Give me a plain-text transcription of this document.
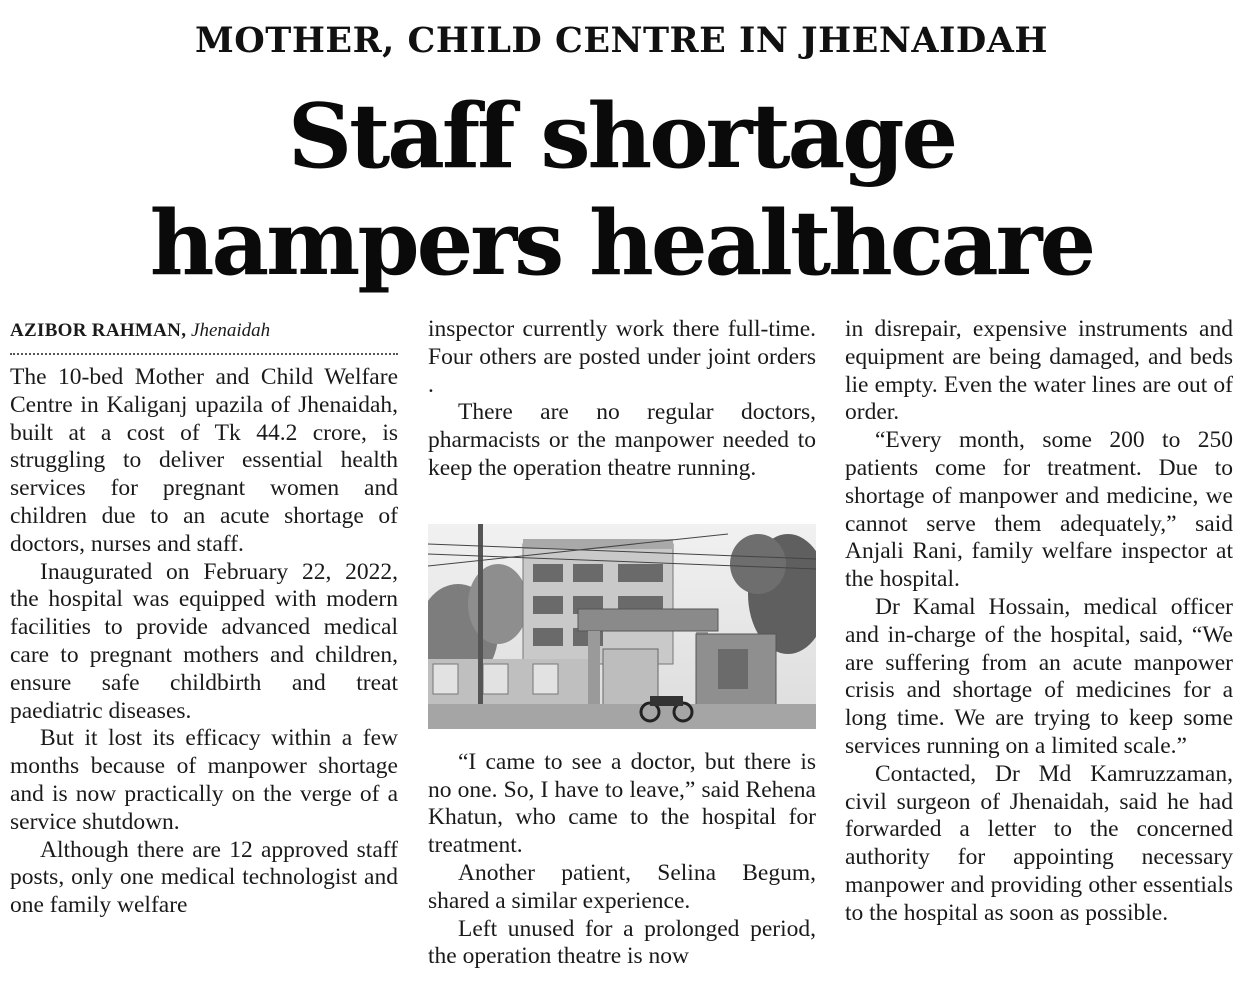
MOTHER, CHILD CENTRE IN JHENAIDAH
Staff shortage
hampers healthcare

AZIBOR RAHMAN, Jhenaidah

The 10-bed Mother and Child Welfare Centre in Kaliganj upazila of Jhenaidah, built at a cost of Tk 44.2 crore, is struggling to deliver essential health services for pregnant women and children due to an acute shortage of doctors, nurses and staff.

Inaugurated on February 22, 2022, the hospital was equipped with modern facilities to provide advanced medical care to pregnant mothers and children, ensure safe childbirth and treat paediatric diseases.

But it lost its efficacy within a few months because of manpower shortage and is now practically on the verge of a service shutdown.

Although there are 12 approved staff posts, only one medical technologist and one family welfare

inspector currently work there full-time. Four others are posted under joint orders .

There are no regular doctors, pharmacists or the manpower needed to keep the operation theatre running.

“I came to see a doctor, but there is no one. So, I have to leave,” said Rehena Khatun, who came to the hospital for treatment.

Another patient, Selina Begum, shared a similar experience.

Left unused for a prolonged period, the operation theatre is now

in disrepair, expensive instruments and equipment are being damaged, and beds lie empty. Even the water lines are out of order.

“Every month, some 200 to 250 patients come for treatment. Due to shortage of manpower and medicine, we cannot serve them adequately,” said Anjali Rani, family welfare inspector at the hospital.

Dr Kamal Hossain, medical officer and in-charge of the hospital, said, “We are suffering from an acute manpower crisis and shortage of medicines for a long time. We are trying to keep some services running on a limited scale.”

Contacted, Dr Md Kamruzzaman, civil surgeon of Jhenaidah, said he had forwarded a letter to the concerned authority for appointing necessary manpower and providing other essentials to the hospital as soon as possible.
